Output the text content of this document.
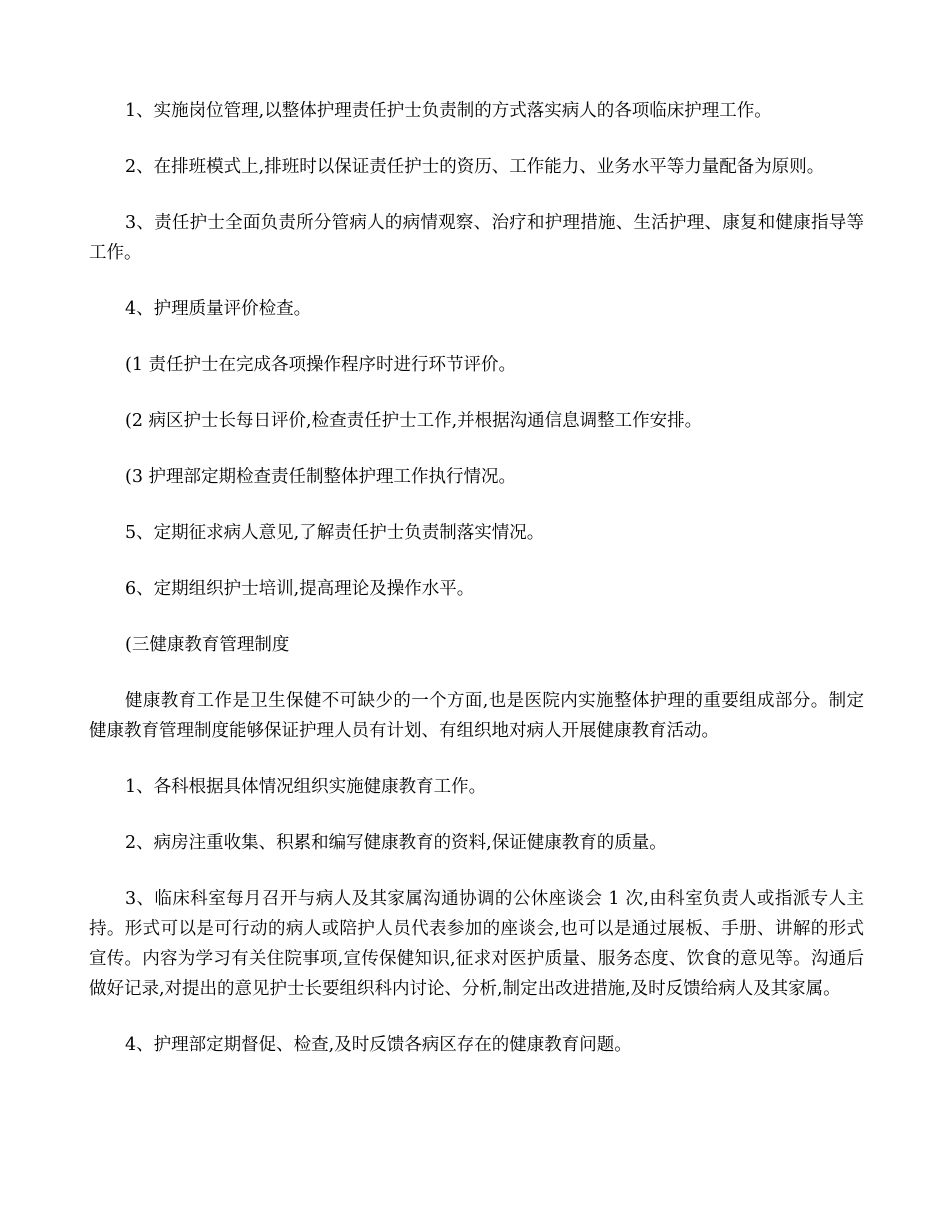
1、实施岗位管理,以整体护理责任护士负责制的方式落实病人的各项临床护理工作。

2、在排班模式上,排班时以保证责任护士的资历、工作能力、业务水平等力量配备为原则。

3、责任护士全面负责所分管病人的病情观察、治疗和护理措施、生活护理、康复和健康指导等工作。

4、护理质量评价检查。

(1 责任护士在完成各项操作程序时进行环节评价。

(2 病区护士长每日评价,检查责任护士工作,并根据沟通信息调整工作安排。

(3 护理部定期检查责任制整体护理工作执行情况。

5、定期征求病人意见,了解责任护士负责制落实情况。

6、定期组织护士培训,提高理论及操作水平。

(三健康教育管理制度

健康教育工作是卫生保健不可缺少的一个方面,也是医院内实施整体护理的重要组成部分。制定健康教育管理制度能够保证护理人员有计划、有组织地对病人开展健康教育活动。

1、各科根据具体情况组织实施健康教育工作。

2、病房注重收集、积累和编写健康教育的资料,保证健康教育的质量。

3、临床科室每月召开与病人及其家属沟通协调的公休座谈会 1 次,由科室负责人或指派专人主持。形式可以是可行动的病人或陪护人员代表参加的座谈会,也可以是通过展板、手册、讲解的形式宣传。内容为学习有关住院事项,宣传保健知识,征求对医护质量、服务态度、饮食的意见等。沟通后做好记录,对提出的意见护士长要组织科内讨论、分析,制定出改进措施,及时反馈给病人及其家属。

4、护理部定期督促、检查,及时反馈各病区存在的健康教育问题。
